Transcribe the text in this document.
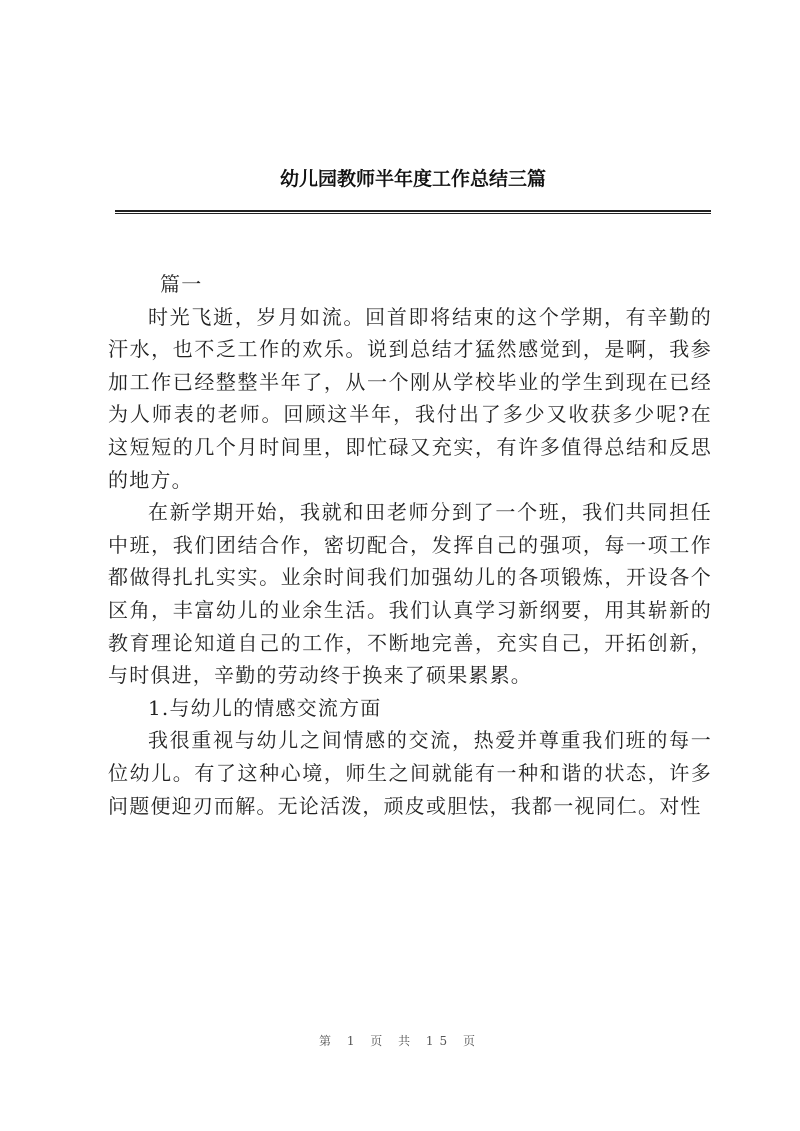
幼儿园教师半年度工作总结三篇

篇一

时光飞逝，岁月如流。回首即将结束的这个学期，有辛勤的汗水，也不乏工作的欢乐。说到总结才猛然感觉到，是啊，我参加工作已经整整半年了，从一个刚从学校毕业的学生到现在已经为人师表的老师。回顾这半年，我付出了多少又收获多少呢?在这短短的几个月时间里，即忙碌又充实，有许多值得总结和反思的地方。

在新学期开始，我就和田老师分到了一个班，我们共同担任中班，我们团结合作，密切配合，发挥自己的强项，每一项工作都做得扎扎实实。业余时间我们加强幼儿的各项锻炼，开设各个区角，丰富幼儿的业余生活。我们认真学习新纲要，用其崭新的教育理论知道自己的工作，不断地完善，充实自己，开拓创新，与时俱进，辛勤的劳动终于换来了硕果累累。

1.与幼儿的情感交流方面

我很重视与幼儿之间情感的交流，热爱并尊重我们班的每一位幼儿。有了这种心境，师生之间就能有一种和谐的状态，许多问题便迎刃而解。无论活泼，顽皮或胆怯，我都一视同仁。对性

第 1 页 共 15 页
